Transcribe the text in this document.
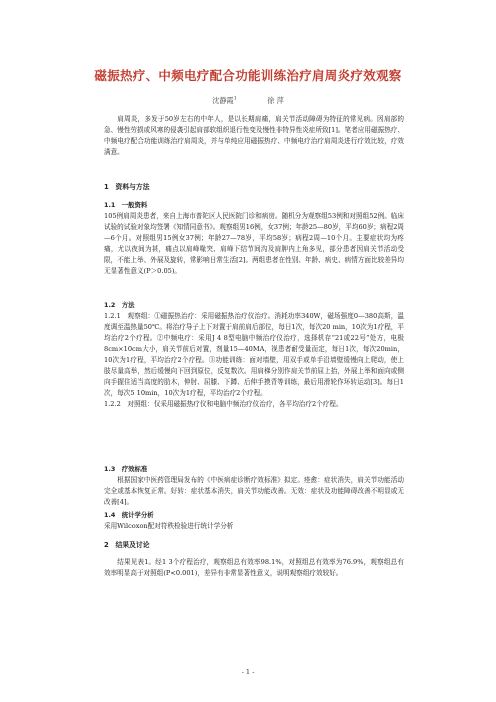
磁振热疗、中频电疗配合功能训练治疗肩周炎疗效观察
沈静霞$^1$	徐 萍

肩周炎，多发于50岁左右的中年人，是以长期肩痛，肩关节活动障碍为特征的常见病。因肩部的急、慢性劳损或风寒的侵袭引起肩部软组织退行性变及慢性非特异性炎症所致[1]。笔者应用磁振热疗、中频电疗配合功能训练治疗肩周炎，并与单纯应用磁振热疗、中频电疗治疗肩周炎进行疗效比较，疗效满意。

1　资料与方法

1.1　一般资料

105例肩周炎患者，来自上海市普陀区人民医院门诊和病房。随机分为观察组53例和对照组52例。临床试验的试验对象均签署《知情同意书》。观察组男16例，女37例；年龄25—80岁，平均60岁；病程2周—6个月。对照组男15例女37例；年龄27—78岁，平均58岁；病程2周—10个月。主要症状均为疼痛，尤以夜间为甚，痛点以肩峰喙突、肩峰下结节间沟及肩胛内上角多见，部分患者因肩关节活动受限，不能上举、外展及旋转，常影响日常生活[2]。两组患者在性别、年龄、病史、病情方面比较差异均无显著性意义(P＞0.05)。

1.2　方法

1.2.1　观察组：①磁振热治疗：采用磁振热治疗仪治疗。消耗功率340W，磁场强度0—380高斯，温度调至温热量50℃。将治疗导子上下对置于肩前肩后部位，每日1次，每次20 min，10次为1疗程，平均治疗2个疗程。②中频电疗：采用J 4 8型电脑中频治疗仪治疗，选择机存“21或22号”处方，电极8cm×10cm大小，肩关节前后对置，剂量15—40MA，视患者耐受量而定，每日1次，每次20min，10次为1疗程，平均治疗2个疗程。③功能训练：面对墙壁，用双手或单手沿墙壁缓慢向上爬动，使上肢尽量高举，然后缓慢向下回到原位，反复数次。用肩梯分别作肩关节前屈上抬，外展上举和面向或侧向手握住适当高度的肋木，伸肘、屈膝、下蹲、后伸手摸背等训练，最后用滑轮作环转运动[3]。每日1次，每次5 10min，10次为1疗程，平均治疗2个疗程。

1.2.2　对照组：仅采用磁振热疗仪和电脑中频治疗仪治疗，各平均治疗2个疗程。

1.3　疗效标准

根据国家中医药管理局发布的《中医病症诊断疗效标准》拟定。痊愈：症状消失，肩关节功能活动完全或基本恢复正常。好转：症状基本消失，肩关节功能改善。无效：症状及功能障碍改善不明显或无改善[4]。

1.4　统计学分析

采用Wilcoxon配对符秩检验进行统计学分析

2　结果及讨论

结果见表1。经1 3个疗程治疗，观察组总有效率98.1%，对照组总有效率为76.9%，观察组总有效率明显高于对照组(P<0.001)，差异有非常显著性意义，说明观察组疗效较好。

- 1 -
